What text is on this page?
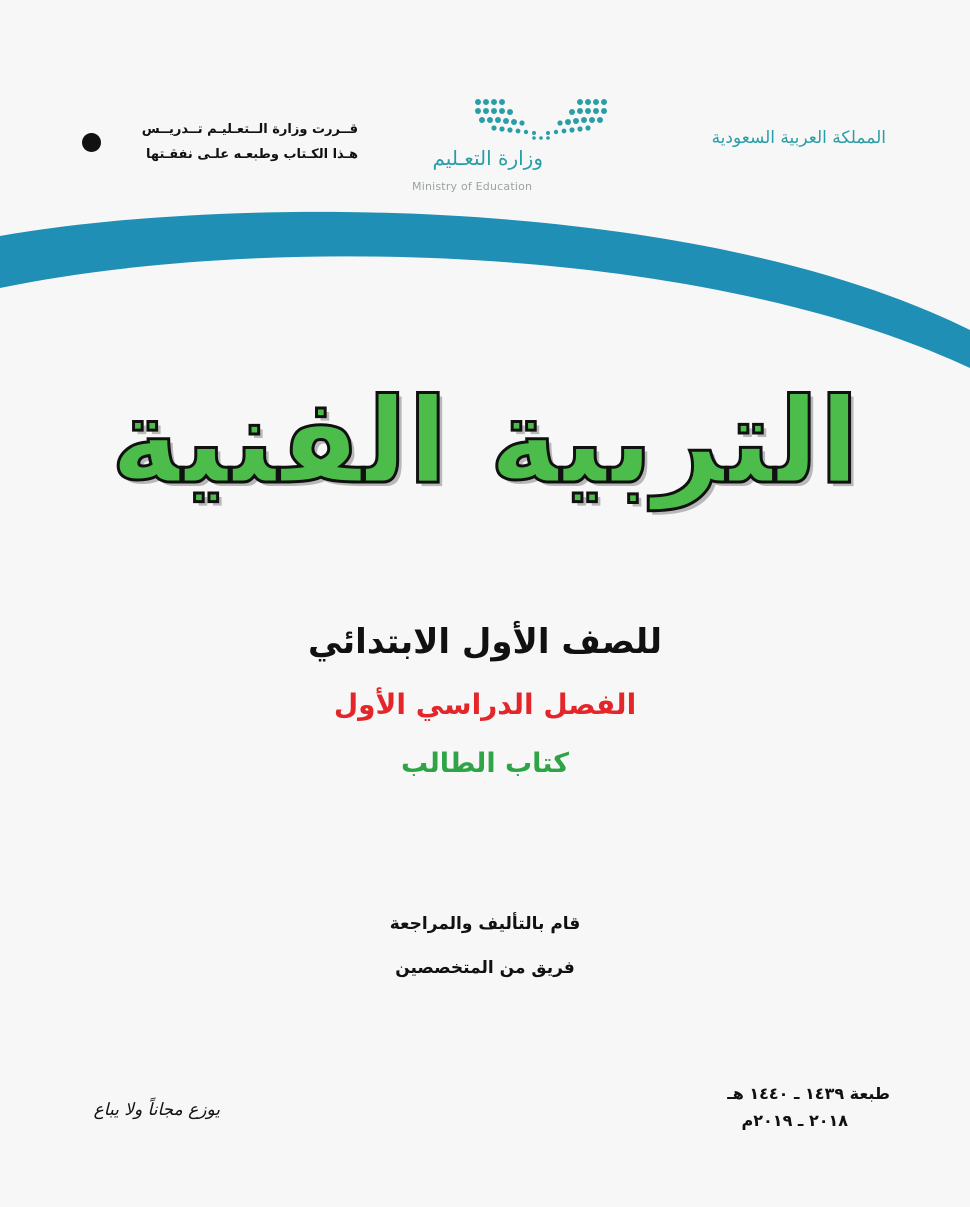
المملكة العربية السعودية
وزارة التعـليم
Ministry of Education
قــررت وزارة الــتعـليـم تــدريــس
هـذا الكـتاب وطبعـه علـى نفقـتها
التربية الفنية
للصف الأول الابتدائي
الفصل الدراسي الأول
كتاب الطالب
قام بالتأليف والمراجعة
فريق من المتخصصين
طبعة ١٤٣٩ ـ ١٤٤٠ هـ
٢٠١٨ ـ ٢٠١٩م
يوزع مجاناً ولا يباع
